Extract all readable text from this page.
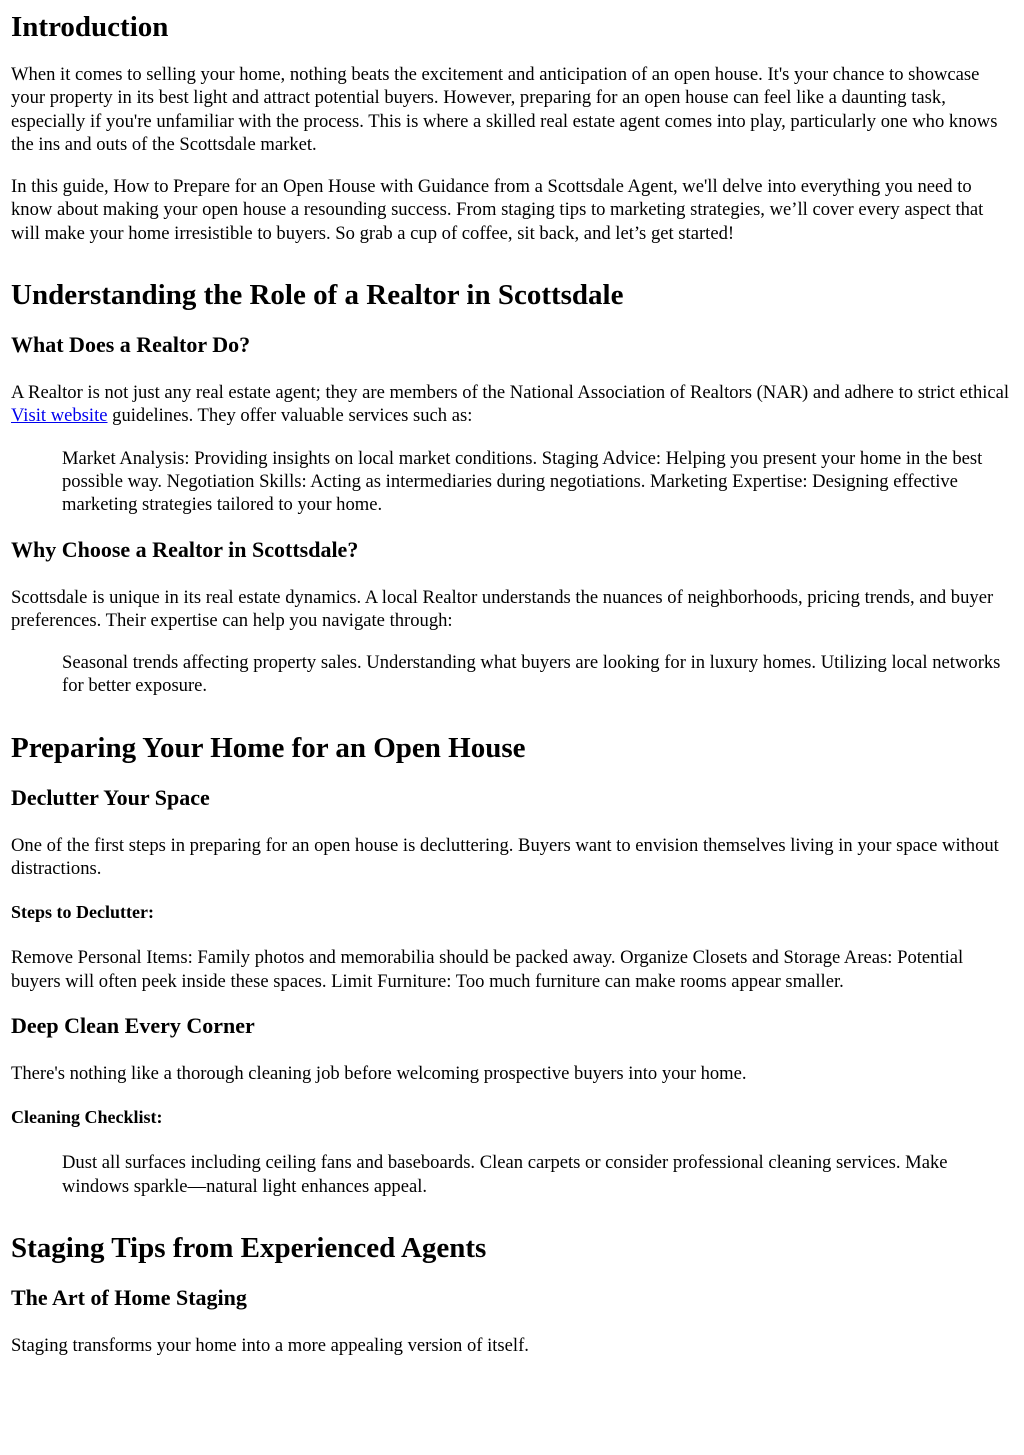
Introduction

When it comes to selling your home, nothing beats the excitement and anticipation of an open house. It's your chance to showcase your property in its best light and attract potential buyers. However, preparing for an open house can feel like a daunting task, especially if you're unfamiliar with the process. This is where a skilled real estate agent comes into play, particularly one who knows the ins and outs of the Scottsdale market.

In this guide, How to Prepare for an Open House with Guidance from a Scottsdale Agent, we'll delve into everything you need to know about making your open house a resounding success. From staging tips to marketing strategies, we’ll cover every aspect that will make your home irresistible to buyers. So grab a cup of coffee, sit back, and let’s get started!

Understanding the Role of a Realtor in Scottsdale
What Does a Realtor Do?

A Realtor is not just any real estate agent; they are members of the National Association of Realtors (NAR) and adhere to strict ethical Visit website guidelines. They offer valuable services such as:

Market Analysis: Providing insights on local market conditions. Staging Advice: Helping you present your home in the best possible way. Negotiation Skills: Acting as intermediaries during negotiations. Marketing Expertise: Designing effective marketing strategies tailored to your home.

Why Choose a Realtor in Scottsdale?

Scottsdale is unique in its real estate dynamics. A local Realtor understands the nuances of neighborhoods, pricing trends, and buyer preferences. Their expertise can help you navigate through:

Seasonal trends affecting property sales. Understanding what buyers are looking for in luxury homes. Utilizing local networks for better exposure.

Preparing Your Home for an Open House
Declutter Your Space

One of the first steps in preparing for an open house is decluttering. Buyers want to envision themselves living in your space without distractions.

Steps to Declutter:

Remove Personal Items: Family photos and memorabilia should be packed away. Organize Closets and Storage Areas: Potential buyers will often peek inside these spaces. Limit Furniture: Too much furniture can make rooms appear smaller.

Deep Clean Every Corner

There's nothing like a thorough cleaning job before welcoming prospective buyers into your home.

Cleaning Checklist:

Dust all surfaces including ceiling fans and baseboards. Clean carpets or consider professional cleaning services. Make windows sparkle—natural light enhances appeal.

Staging Tips from Experienced Agents
The Art of Home Staging

Staging transforms your home into a more appealing version of itself.
